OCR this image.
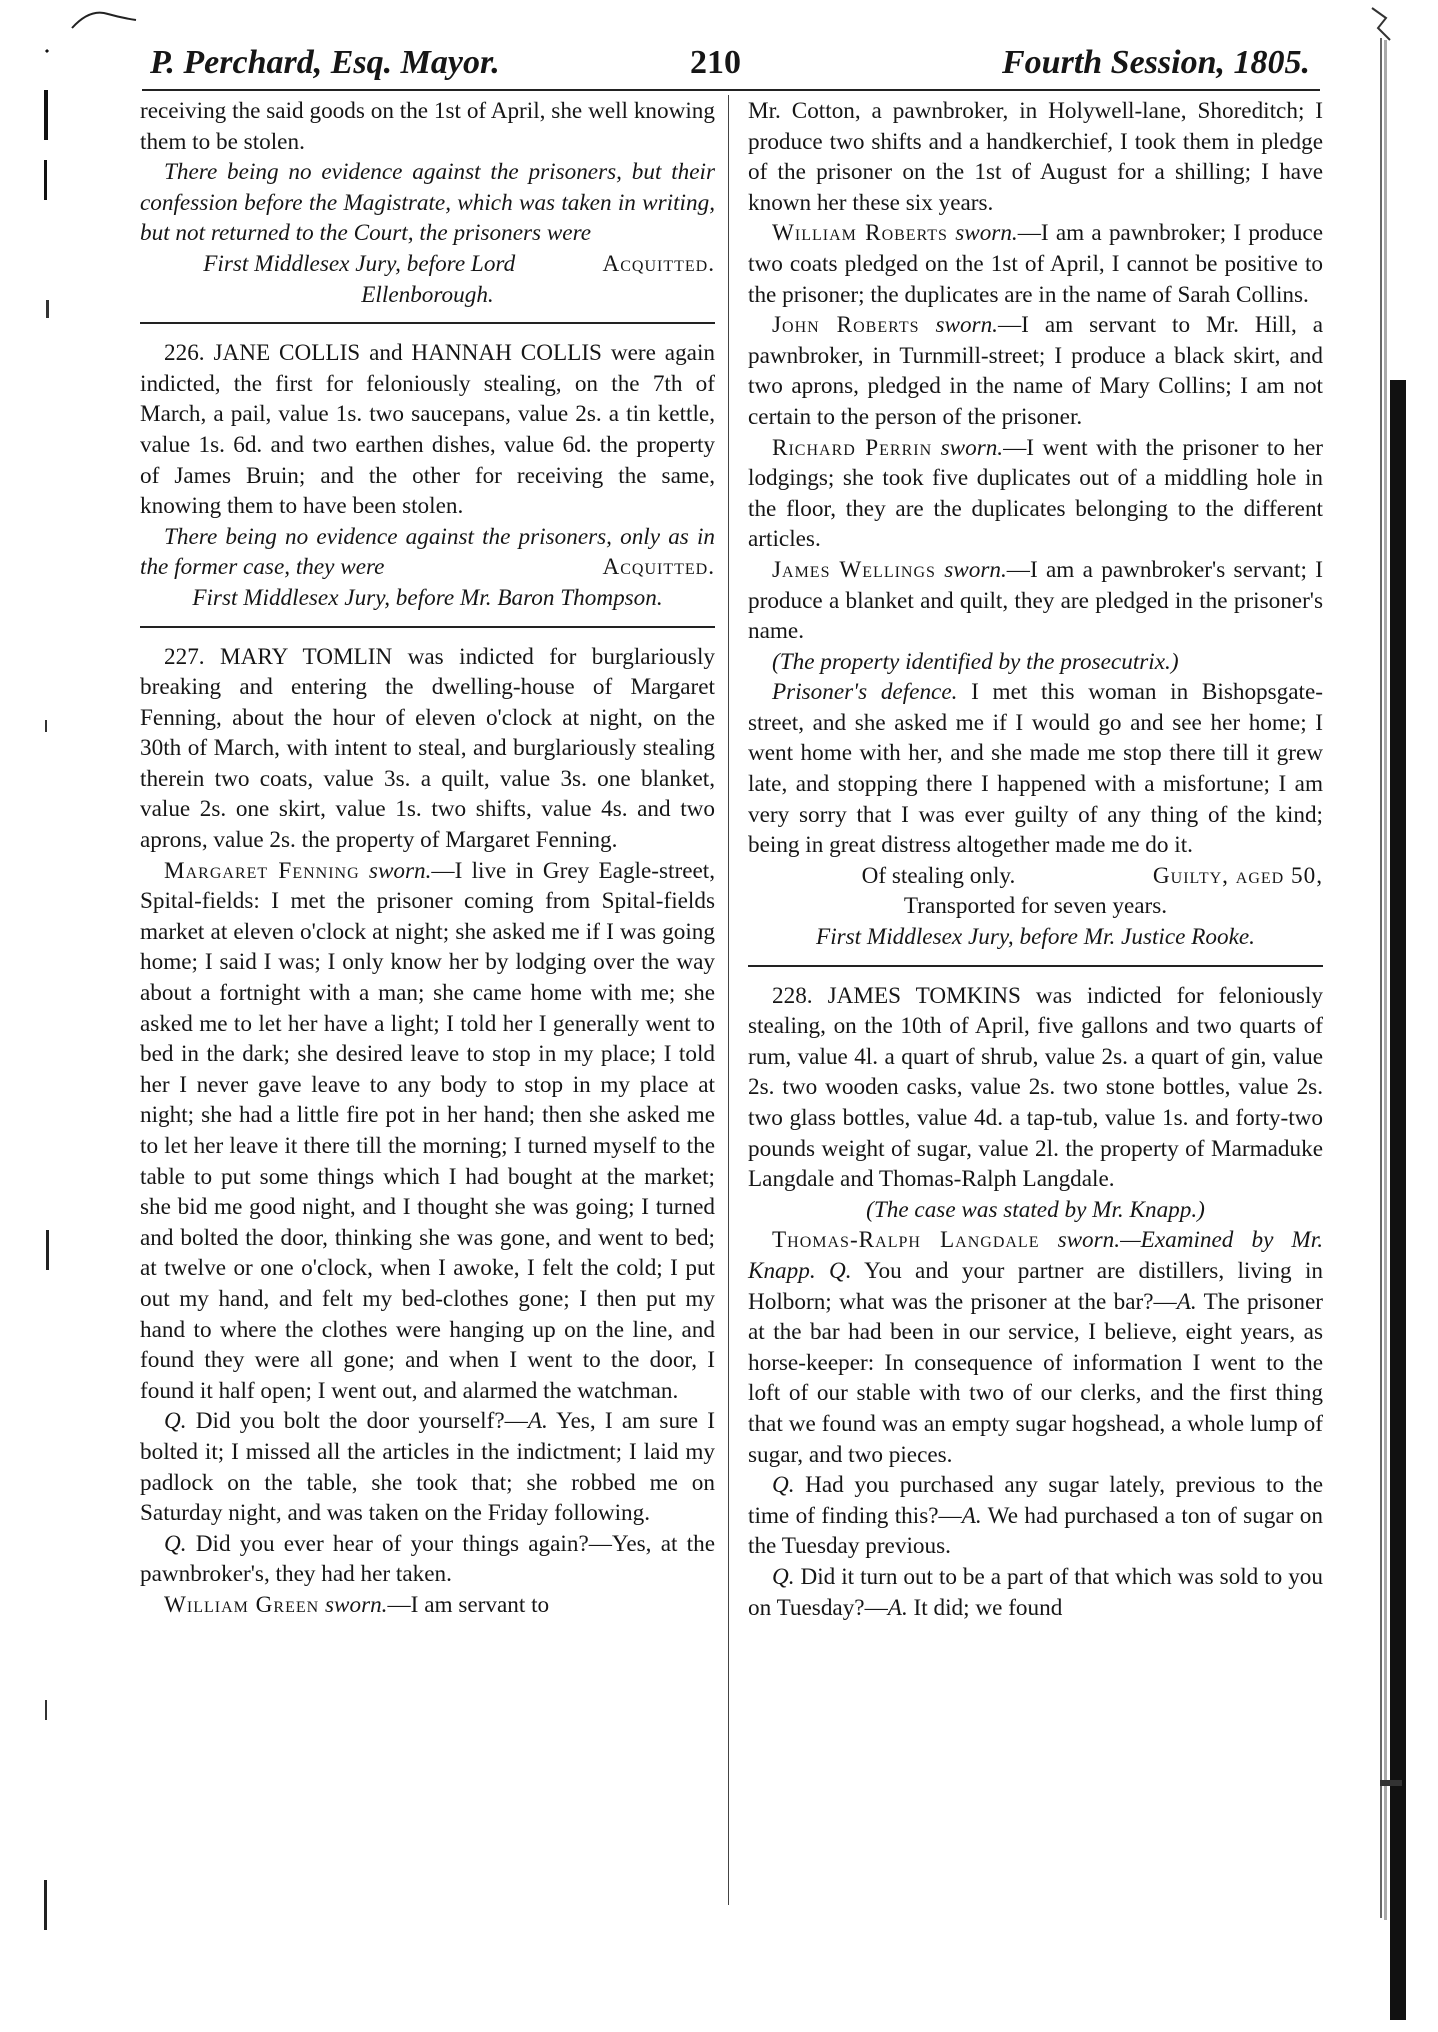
P. Perchard, Esq. Mayor.	210	Fourth Session, 1805.

receiving the said goods on the 1st of April, she well knowing them to be stolen.

There being no evidence against the prisoners, but their confession before the Magistrate, which was taken in writing, but not returned to the Court, the prisoners were
Acquitted.

First Middlesex Jury, before Lord Ellenborough.

226. JANE COLLIS and HANNAH COLLIS were again indicted, the first for feloniously stealing, on the 7th of March, a pail, value 1s. two saucepans, value 2s. a tin kettle, value 1s. 6d. and two earthen dishes, value 6d. the property of James Bruin; and the other for receiving the same, knowing them to have been stolen.

There being no evidence against the prisoners, only as in the former case, they were	Acquitted.

First Middlesex Jury, before Mr. Baron Thompson.

227. MARY TOMLIN was indicted for burglariously breaking and entering the dwelling-house of Margaret Fenning, about the hour of eleven o'clock at night, on the 30th of March, with intent to steal, and burglariously stealing therein two coats, value 3s. a quilt, value 3s. one blanket, value 2s. one skirt, value 1s. two shifts, value 4s. and two aprons, value 2s. the property of Margaret Fenning.

Margaret Fenning sworn.—I live in Grey Eagle-street, Spital-fields: I met the prisoner coming from Spital-fields market at eleven o'clock at night; she asked me if I was going home; I said I was; I only know her by lodging over the way about a fortnight with a man; she came home with me; she asked me to let her have a light; I told her I generally went to bed in the dark; she desired leave to stop in my place; I told her I never gave leave to any body to stop in my place at night; she had a little fire pot in her hand; then she asked me to let her leave it there till the morning; I turned myself to the table to put some things which I had bought at the market; she bid me good night, and I thought she was going; I turned and bolted the door, thinking she was gone, and went to bed; at twelve or one o'clock, when I awoke, I felt the cold; I put out my hand, and felt my bed-clothes gone; I then put my hand to where the clothes were hanging up on the line, and found they were all gone; and when I went to the door, I found it half open; I went out, and alarmed the watchman.

Q. Did you bolt the door yourself?—A. Yes, I am sure I bolted it; I missed all the articles in the indictment; I laid my padlock on the table, she took that; she robbed me on Saturday night, and was taken on the Friday following.

Q. Did you ever hear of your things again?—Yes, at the pawnbroker's, they had her taken.

William Green sworn.—I am servant to

Mr. Cotton, a pawnbroker, in Holywell-lane, Shoreditch; I produce two shifts and a handkerchief, I took them in pledge of the prisoner on the 1st of August for a shilling; I have known her these six years.

William Roberts sworn.—I am a pawnbroker; I produce two coats pledged on the 1st of April, I cannot be positive to the prisoner; the duplicates are in the name of Sarah Collins.

John Roberts sworn.—I am servant to Mr. Hill, a pawnbroker, in Turnmill-street; I produce a black skirt, and two aprons, pledged in the name of Mary Collins; I am not certain to the person of the prisoner.

Richard Perrin sworn.—I went with the prisoner to her lodgings; she took five duplicates out of a middling hole in the floor, they are the duplicates belonging to the different articles.

James Wellings sworn.—I am a pawnbroker's servant; I produce a blanket and quilt, they are pledged in the prisoner's name.

(The property identified by the prosecutrix.)

Prisoner's defence. I met this woman in Bishopsgate-street, and she asked me if I would go and see her home; I went home with her, and she made me stop there till it grew late, and stopping there I happened with a misfortune; I am very sorry that I was ever guilty of any thing of the kind; being in great distress altogether made me do it.
Guilty, aged 50,

Of stealing only.

Transported for seven years.

First Middlesex Jury, before Mr. Justice Rooke.

228. JAMES TOMKINS was indicted for feloniously stealing, on the 10th of April, five gallons and two quarts of rum, value 4l. a quart of shrub, value 2s. a quart of gin, value 2s. two wooden casks, value 2s. two stone bottles, value 2s. two glass bottles, value 4d. a tap-tub, value 1s. and forty-two pounds weight of sugar, value 2l. the property of Marmaduke Langdale and Thomas-Ralph Langdale.

(The case was stated by Mr. Knapp.)

Thomas-Ralph Langdale sworn.—Examined by Mr. Knapp. Q. You and your partner are distillers, living in Holborn; what was the prisoner at the bar?—A. The prisoner at the bar had been in our service, I believe, eight years, as horse-keeper: In consequence of information I went to the loft of our stable with two of our clerks, and the first thing that we found was an empty sugar hogshead, a whole lump of sugar, and two pieces.

Q. Had you purchased any sugar lately, previous to the time of finding this?—A. We had purchased a ton of sugar on the Tuesday previous.

Q. Did it turn out to be a part of that which was sold to you on Tuesday?—A. It did; we found
